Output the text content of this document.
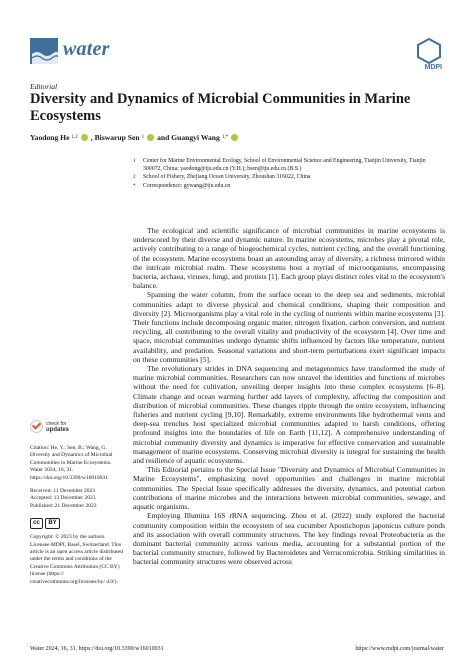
water
MDPI
Editorial
Diversity and Dynamics of Microbial Communities in Marine Ecosystems
Yaodong He 1,2 , Biswarup Sen 1 and Guangyi Wang 1,*
1	Center for Marine Environmental Ecology, School of Environmental Science and Engineering, Tianjin University, Tianjin 300072, China; yaodong@tju.edu.cn (Y.H.); bsen@tju.edu.cn (B.S.)
2	School of Fishery, Zhejiang Ocean University, Zhoushan 316022, China
*	Correspondence: gywang@tju.edu.cn

The ecological and scientific significance of microbial communities in marine ecosystems is underscored by their diverse and dynamic nature. In marine ecosystems, microbes play a pivotal role, actively contributing to a range of biogeochemical cycles, nutrient cycling, and the overall functioning of the ecosystem. Marine ecosystems boast an astounding array of diversity, a richness mirrored within the intricate microbial realm. These ecosystems host a myriad of microorganisms, encompassing bacteria, archaea, viruses, fungi, and protists [1]. Each group plays distinct roles vital to the ecosystem's balance.

Spanning the water column, from the surface ocean to the deep sea and sediments, microbial communities adapt to diverse physical and chemical conditions, shaping their composition and diversity [2]. Microorganisms play a vital role in the cycling of nutrients within marine ecosystems [3]. Their functions include decomposing organic matter, nitrogen fixation, carbon conversion, and nutrient recycling, all contributing to the overall vitality and productivity of the ecosystem [4]. Over time and space, microbial communities undergo dynamic shifts influenced by factors like temperature, nutrient availability, and predation. Seasonal variations and short-term perturbations exert significant impacts on these communities [5].

The revolutionary strides in DNA sequencing and metagenomics have transformed the study of marine microbial communities. Researchers can now unravel the identities and functions of microbes without the need for cultivation, unveiling deeper insights into these complex ecosystems [6–8]. Climate change and ocean warming further add layers of complexity, affecting the composition and distribution of microbial communities. These changes ripple through the entire ecosystem, influencing fisheries and nutrient cycling [9,10]. Remarkably, extreme environments like hydrothermal vents and deep-sea trenches host specialized microbial communities adapted to harsh conditions, offering profound insights into the boundaries of life on Earth [11,12]. A comprehensive understanding of microbial community diversity and dynamics is imperative for effective conservation and sustainable management of marine ecosystems. Conserving microbial diversity is integral for sustaining the health and resilience of aquatic ecosystems.

This Editorial pertains to the Special Issue "Diversity and Dynamics of Microbial Communities in Marine Ecosystems", emphasizing novel opportunities and challenges in marine microbial communities. The Special Issue specifically addresses the diversity, dynamics, and potential carbon contributions of marine microbes and the interactions between microbial communities, sewage, and aquatic organisms.

Employing Illumina 16S rRNA sequencing, Zhou et al. (2022) study explored the bacterial community composition within the ecosystem of sea cucumber Apostichopus japonicus culture ponds and its association with overall community structures. The key findings reveal Proteobacteria as the dominant bacterial community across various media, accounting for a substantial portion of the bacterial community structure, followed by Bacteroidetes and Verrucomicrobia. Striking similarities in bacterial community structures were observed across

check for
updates
Citation: He, Y.; Sen, B.; Wang, G. Diversity and Dynamics of Microbial Communities in Marine Ecosystems. Water 2024, 16, 31. https://doi.org/10.3390/w16010031
Received: 11 December 2023
Accepted: 13 December 2023
Published: 21 December 2023
cc	BY
Copyright: © 2023 by the authors. Licensee MDPI, Basel, Switzerland. This article is an open access article distributed under the terms and conditions of the Creative Commons Attribution (CC BY) license (https:// creativecommons.org/licenses/by/ 4.0/).
Water 2024, 16, 31. https://doi.org/10.3390/w16010031	https://www.mdpi.com/journal/water
